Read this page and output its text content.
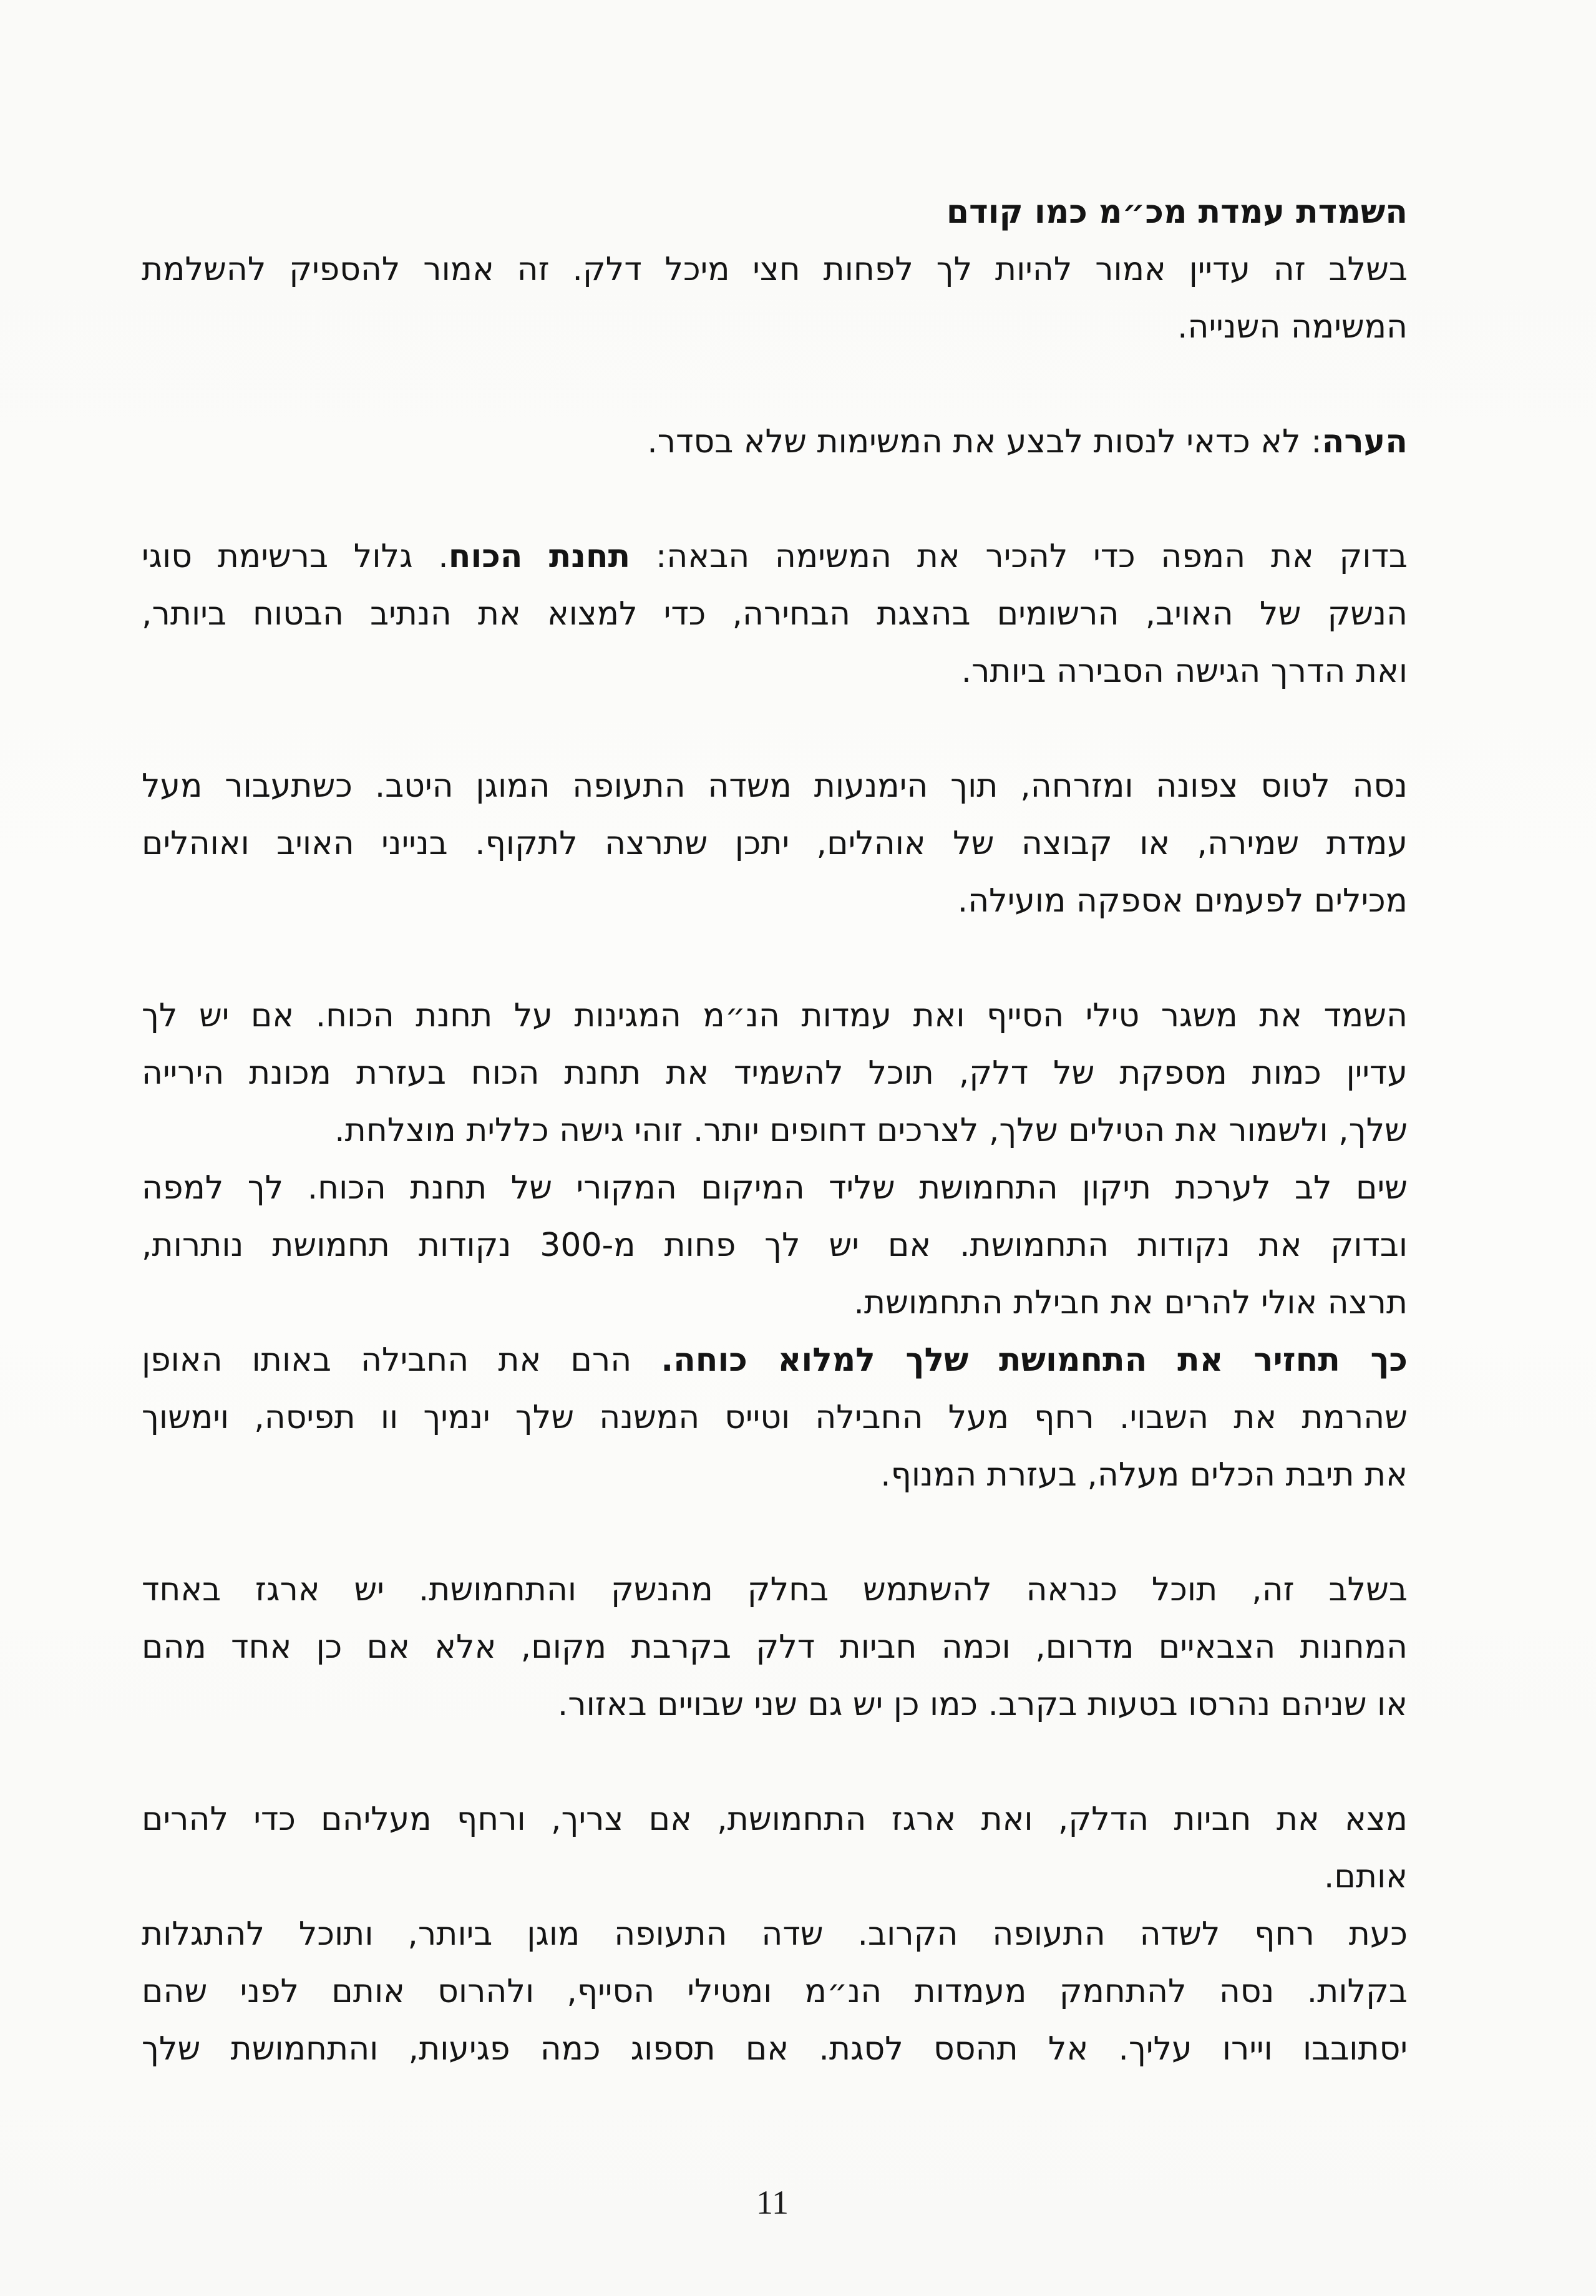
השמדת עמדת מכ״מ כמו קודם
בשלב זה עדיין אמור להיות לך לפחות חצי מיכל דלק. זה אמור להספיק להשלמת
המשימה השנייה.
הערה: לא כדאי לנסות לבצע את המשימות שלא בסדר.
בדוק את המפה כדי להכיר את המשימה הבאה: תחנת הכוח. גלול ברשימת סוגי
הנשק של האויב, הרשומים בהצגת הבחירה, כדי למצוא את הנתיב הבטוח ביותר,
ואת הדרך הגישה הסבירה ביותר.
נסה לטוס צפונה ומזרחה, תוך הימנעות משדה התעופה המוגן היטב. כשתעבור מעל
עמדת שמירה, או קבוצה של אוהלים, יתכן שתרצה לתקוף. בנייני האויב ואוהלים
מכילים לפעמים אספקה מועילה.
השמד את משגר טילי הסייף ואת עמדות הנ״מ המגינות על תחנת הכוח. אם יש לך
עדיין כמות מספקת של דלק, תוכל להשמיד את תחנת הכוח בעזרת מכונת הירייה
שלך, ולשמור את הטילים שלך, לצרכים דחופים יותר. זוהי גישה כללית מוצלחת.
שים לב לערכת תיקון התחמושת שליד המיקום המקורי של תחנת הכוח. לך למפה
ובדוק את נקודות התחמושת. אם יש לך פחות מ-300 נקודות תחמושת נותרות,
תרצה אולי להרים את חבילת התחמושת.
כך תחזיר את התחמושת שלך למלוא כוחה. הרם את החבילה באותו האופן
שהרמת את השבוי. רחף מעל החבילה וטייס המשנה שלך ינמיך וו תפיסה, וימשוך
את תיבת הכלים מעלה, בעזרת המנוף.
בשלב זה, תוכל כנראה להשתמש בחלק מהנשק והתחמושת. יש ארגז באחד
המחנות הצבאיים מדרום, וכמה חביות דלק בקרבת מקום, אלא אם כן אחד מהם
או שניהם נהרסו בטעות בקרב. כמו כן יש גם שני שבויים באזור.
מצא את חביות הדלק, ואת ארגז התחמושת, אם צריך, ורחף מעליהם כדי להרים
אותם.
כעת רחף לשדה התעופה הקרוב. שדה התעופה מוגן ביותר, ותוכל להתגלות
בקלות. נסה להתחמק מעמדות הנ״מ ומטילי הסייף, ולהרוס אותם לפני שהם
יסתובבו ויירו עליך. אל תהסס לסגת. אם תספוג כמה פגיעות, והתחמושת שלך
11
